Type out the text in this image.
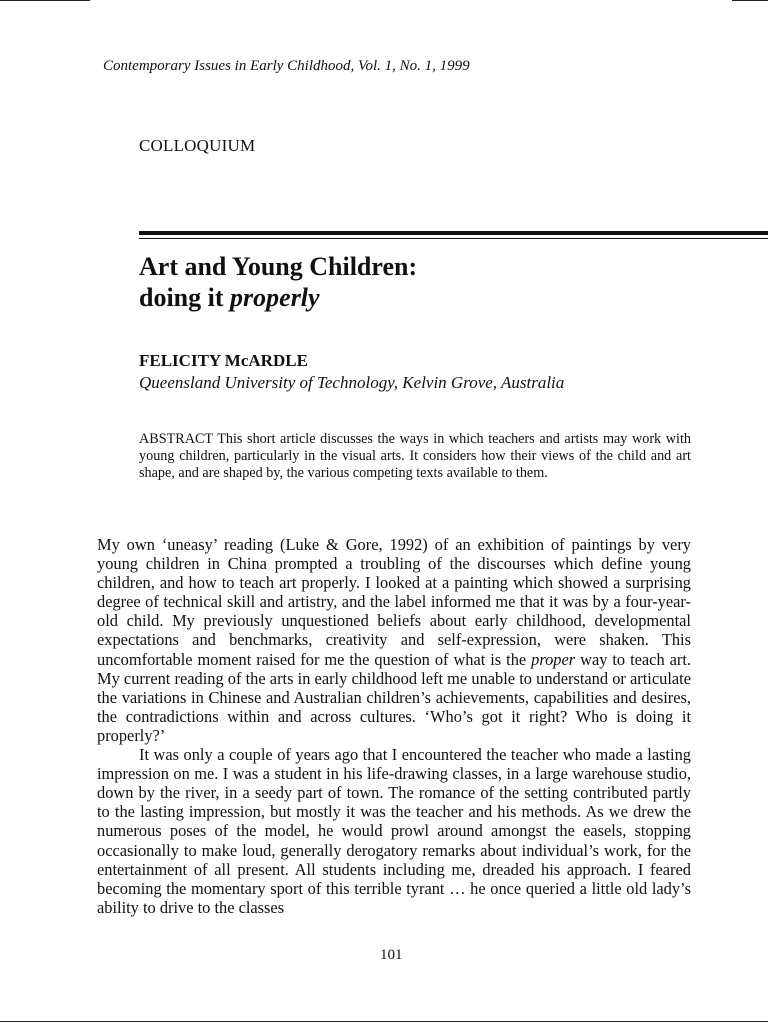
Contemporary Issues in Early Childhood, Vol. 1, No. 1, 1999
COLLOQUIUM
Art and Young Children:
doing it properly
FELICITY McARDLE
Queensland University of Technology, Kelvin Grove, Australia
ABSTRACT This short article discusses the ways in which teachers and artists may work with young children, particularly in the visual arts. It considers how their views of the child and art shape, and are shaped by, the various competing texts available to them.

My own ‘uneasy’ reading (Luke & Gore, 1992) of an exhibition of paintings by very young children in China prompted a troubling of the discourses which define young children, and how to teach art properly. I looked at a painting which showed a surprising degree of technical skill and artistry, and the label informed me that it was by a four-year-old child. My previously unquestioned beliefs about early childhood, developmental expectations and benchmarks, creativity and self-expression, were shaken. This uncomfortable moment raised for me the question of what is the proper way to teach art. My current reading of the arts in early childhood left me unable to understand or articulate the variations in Chinese and Australian children’s achievements, capabilities and desires, the contradictions within and across cultures. ‘Who’s got it right? Who is doing it properly?’

It was only a couple of years ago that I encountered the teacher who made a lasting impression on me. I was a student in his life-drawing classes, in a large warehouse studio, down by the river, in a seedy part of town. The romance of the setting contributed partly to the lasting impression, but mostly it was the teacher and his methods. As we drew the numerous poses of the model, he would prowl around amongst the easels, stopping occasionally to make loud, generally derogatory remarks about individual’s work, for the entertainment of all present. All students including me, dreaded his approach. I feared becoming the momentary sport of this terrible tyrant … he once queried a little old lady’s ability to drive to the classes

101
